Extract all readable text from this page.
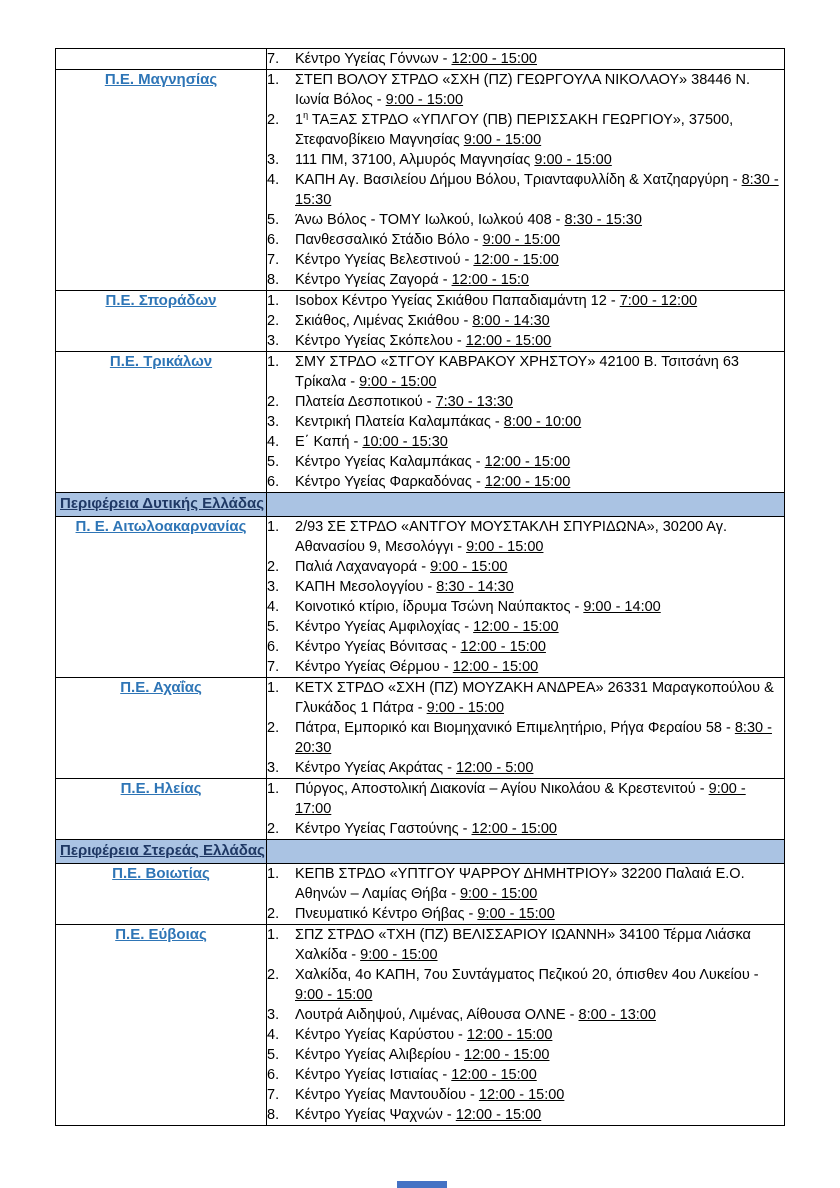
	7. Κέντρο Υγείας Γόννων - 12:00 - 15:00

Π.Ε. Μαγνησίας	1.	ΣΤΕΠ ΒΟΛΟΥ ΣΤΡΔΟ «ΣΧΗ (ΠΖ) ΓΕΩΡΓΟΥΛΑ ΝΙΚΟΛΑΟΥ» 38446 Ν. Ιωνία Βόλος - 9:00 - 15:00
2.	$1^\eta$ ΤΑΞΑΣ ΣΤΡΔΟ «ΥΠΛΓΟΥ (ΠΒ) ΠΕΡΙΣΣΑΚΗ ΓΕΩΡΓΙΟΥ», 37500, Στεφανοβίκειο Μαγνησίας 9:00 - 15:00
3.	111 ΠΜ, 37100, Αλμυρός Μαγνησίας 9:00 - 15:00
4.	ΚΑΠΗ Αγ. Βασιλείου Δήμου Βόλου, Τριανταφυλλίδη & Χατζηαργύρη - 8:30 - 15:30
5.	Άνω Βόλος - ΤΟΜΥ Ιωλκού, Ιωλκού 408 - 8:30 - 15:30
6.	Πανθεσσαλικό Στάδιο Βόλο - 9:00 - 15:00
7.	Κέντρο Υγείας Βελεστινού - 12:00 - 15:00
8.	Κέντρο Υγείας Ζαγορά - 12:00 - 15:0

Π.Ε. Σποράδων	1.	Isobox Κέντρο Υγείας Σκιάθου Παπαδιαμάντη 12 - 7:00 - 12:00
2.	Σκιάθος, Λιμένας Σκιάθου - 8:00 - 14:30
3.	Κέντρο Υγείας Σκόπελου - 12:00 - 15:00

Π.Ε. Τρικάλων	1.	ΣΜΥ ΣΤΡΔΟ «ΣΤΓΟΥ ΚΑΒΡΑΚΟΥ ΧΡΗΣΤΟΥ» 42100 Β. Τσιτσάνη 63 Τρίκαλα - 9:00 - 15:00
2.	Πλατεία Δεσποτικού - 7:30 - 13:30
3.	Κεντρική Πλατεία Καλαμπάκας - 8:00 - 10:00
4.	Ε΄ Καπή - 10:00 - 15:30
5.	Κέντρο Υγείας Καλαμπάκας - 12:00 - 15:00
6.	Κέντρο Υγείας Φαρκαδόνας - 12:00 - 15:00

Περιφέρεια Δυτικής Ελλάδας	
Π. Ε. Αιτωλοακαρνανίας	1.	2/93 ΣΕ ΣΤΡΔΟ «ΑΝΤΓΟΥ ΜΟΥΣΤΑΚΛΗ ΣΠΥΡΙΔΩΝΑ», 30200 Αγ. Αθανασίου 9, Μεσολόγγι - 9:00 - 15:00
2.	Παλιά Λαχαναγορά - 9:00 - 15:00
3.	ΚΑΠΗ Μεσολογγίου - 8:30 - 14:30
4.	Κοινοτικό κτίριο, ίδρυμα Τσώνη Ναύπακτος - 9:00 - 14:00
5.	Κέντρο Υγείας Αμφιλοχίας - 12:00 - 15:00
6.	Κέντρο Υγείας Βόνιτσας - 12:00 - 15:00
7.	Κέντρο Υγείας Θέρμου - 12:00 - 15:00

Π.Ε. Αχαΐας	1.	ΚΕΤΧ ΣΤΡΔΟ «ΣΧΗ (ΠΖ) ΜΟΥΖΑΚΗ ΑΝΔΡΕΑ» 26331 Μαραγκοπούλου & Γλυκάδος 1 Πάτρα - 9:00 - 15:00
2.	Πάτρα, Εμπορικό και Βιομηχανικό Επιμελητήριο, Ρήγα Φεραίου 58 - 8:30 - 20:30
3.	Κέντρο Υγείας Ακράτας - 12:00 - 5:00

Π.Ε. Ηλείας	1. Πύργος, Αποστολική Διακονία – Αγίου Νικολάου & Κρεστενιτού - 9:00 - 17:00
2. Κέντρο Υγείας Γαστούνης - 12:00 - 15:00

Περιφέρεια Στερεάς Ελλάδας	
Π.Ε. Βοιωτίας	1. ΚΕΠΒ ΣΤΡΔΟ «ΥΠΤΓΟΥ ΨΑΡΡΟΥ ΔΗΜΗΤΡΙΟΥ» 32200 Παλαιά Ε.Ο. Αθηνών – Λαμίας Θήβα - 9:00 - 15:00
2. Πνευματικό Κέντρο Θήβας - 9:00 - 15:00

Π.Ε. Εύβοιας	1.	ΣΠΖ ΣΤΡΔΟ «ΤΧΗ (ΠΖ) ΒΕΛΙΣΣΑΡΙΟΥ ΙΩΑΝΝΗ» 34100 Τέρμα Λιάσκα Χαλκίδα - 9:00 - 15:00
2.	Χαλκίδα, 4ο ΚΑΠΗ, 7ου Συντάγματος Πεζικού 20, όπισθεν 4ου Λυκείου - 9:00 - 15:00
3.	Λουτρά Αιδηψού, Λιμένας, Αίθουσα ΟΛΝΕ - 8:00 - 13:00
4.	Κέντρο Υγείας Καρύστου - 12:00 - 15:00
5.	Κέντρο Υγείας Αλιβερίου - 12:00 - 15:00
6.	Κέντρο Υγείας Ιστιαίας - 12:00 - 15:00
7.	Κέντρο Υγείας Μαντουδίου - 12:00 - 15:00
8.	Κέντρο Υγείας Ψαχνών - 12:00 - 15:00
